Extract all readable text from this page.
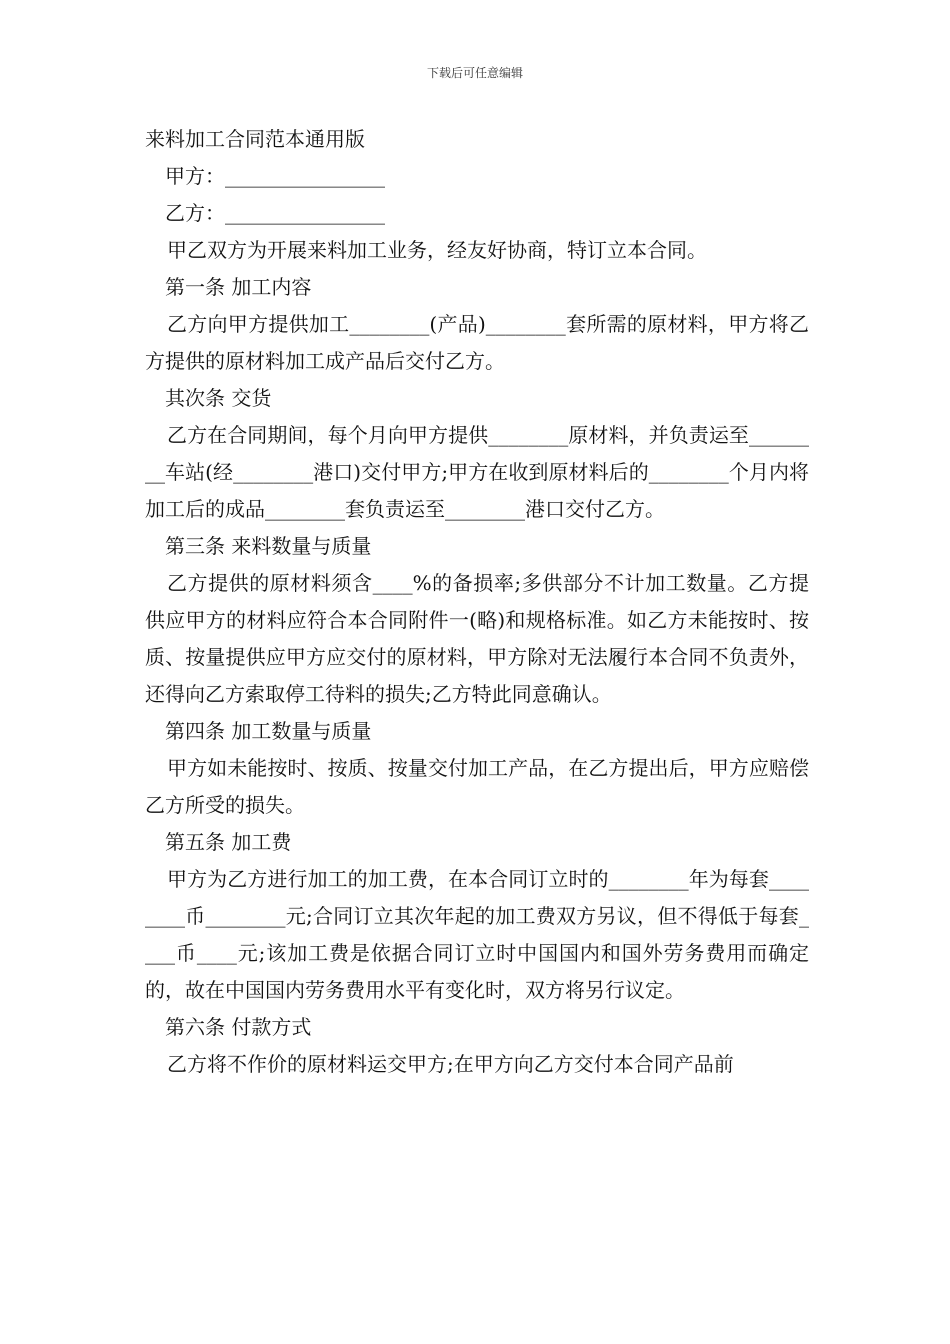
下载后可任意编辑

来料加工合同范本通用版

甲方：________________

乙方：________________

甲乙双方为开展来料加工业务，经友好协商，特订立本合同。

第一条 加工内容

乙方向甲方提供加工________(产品)________套所需的原材料，甲方将乙方提供的原材料加工成产品后交付乙方。

其次条 交货

乙方在合同期间，每个月向甲方提供________原材料，并负责运至________车站(经________港口)交付甲方;甲方在收到原材料后的________个月内将加工后的成品________套负责运至________港口交付乙方。

第三条 来料数量与质量

乙方提供的原材料须含____%的备损率;多供部分不计加工数量。乙方提供应甲方的材料应符合本合同附件一(略)和规格标准。如乙方未能按时、按质、按量提供应甲方应交付的原材料，甲方除对无法履行本合同不负责外，还得向乙方索取停工待料的损失;乙方特此同意确认。

第四条 加工数量与质量

甲方如未能按时、按质、按量交付加工产品，在乙方提出后，甲方应赔偿乙方所受的损失。

第五条 加工费

甲方为乙方进行加工的加工费，在本合同订立时的________年为每套________币________元;合同订立其次年起的加工费双方另议，但不得低于每套____币____元;该加工费是依据合同订立时中国国内和国外劳务费用而确定的，故在中国国内劳务费用水平有变化时，双方将另行议定。

第六条 付款方式

乙方将不作价的原材料运交甲方;在甲方向乙方交付本合同产品前
